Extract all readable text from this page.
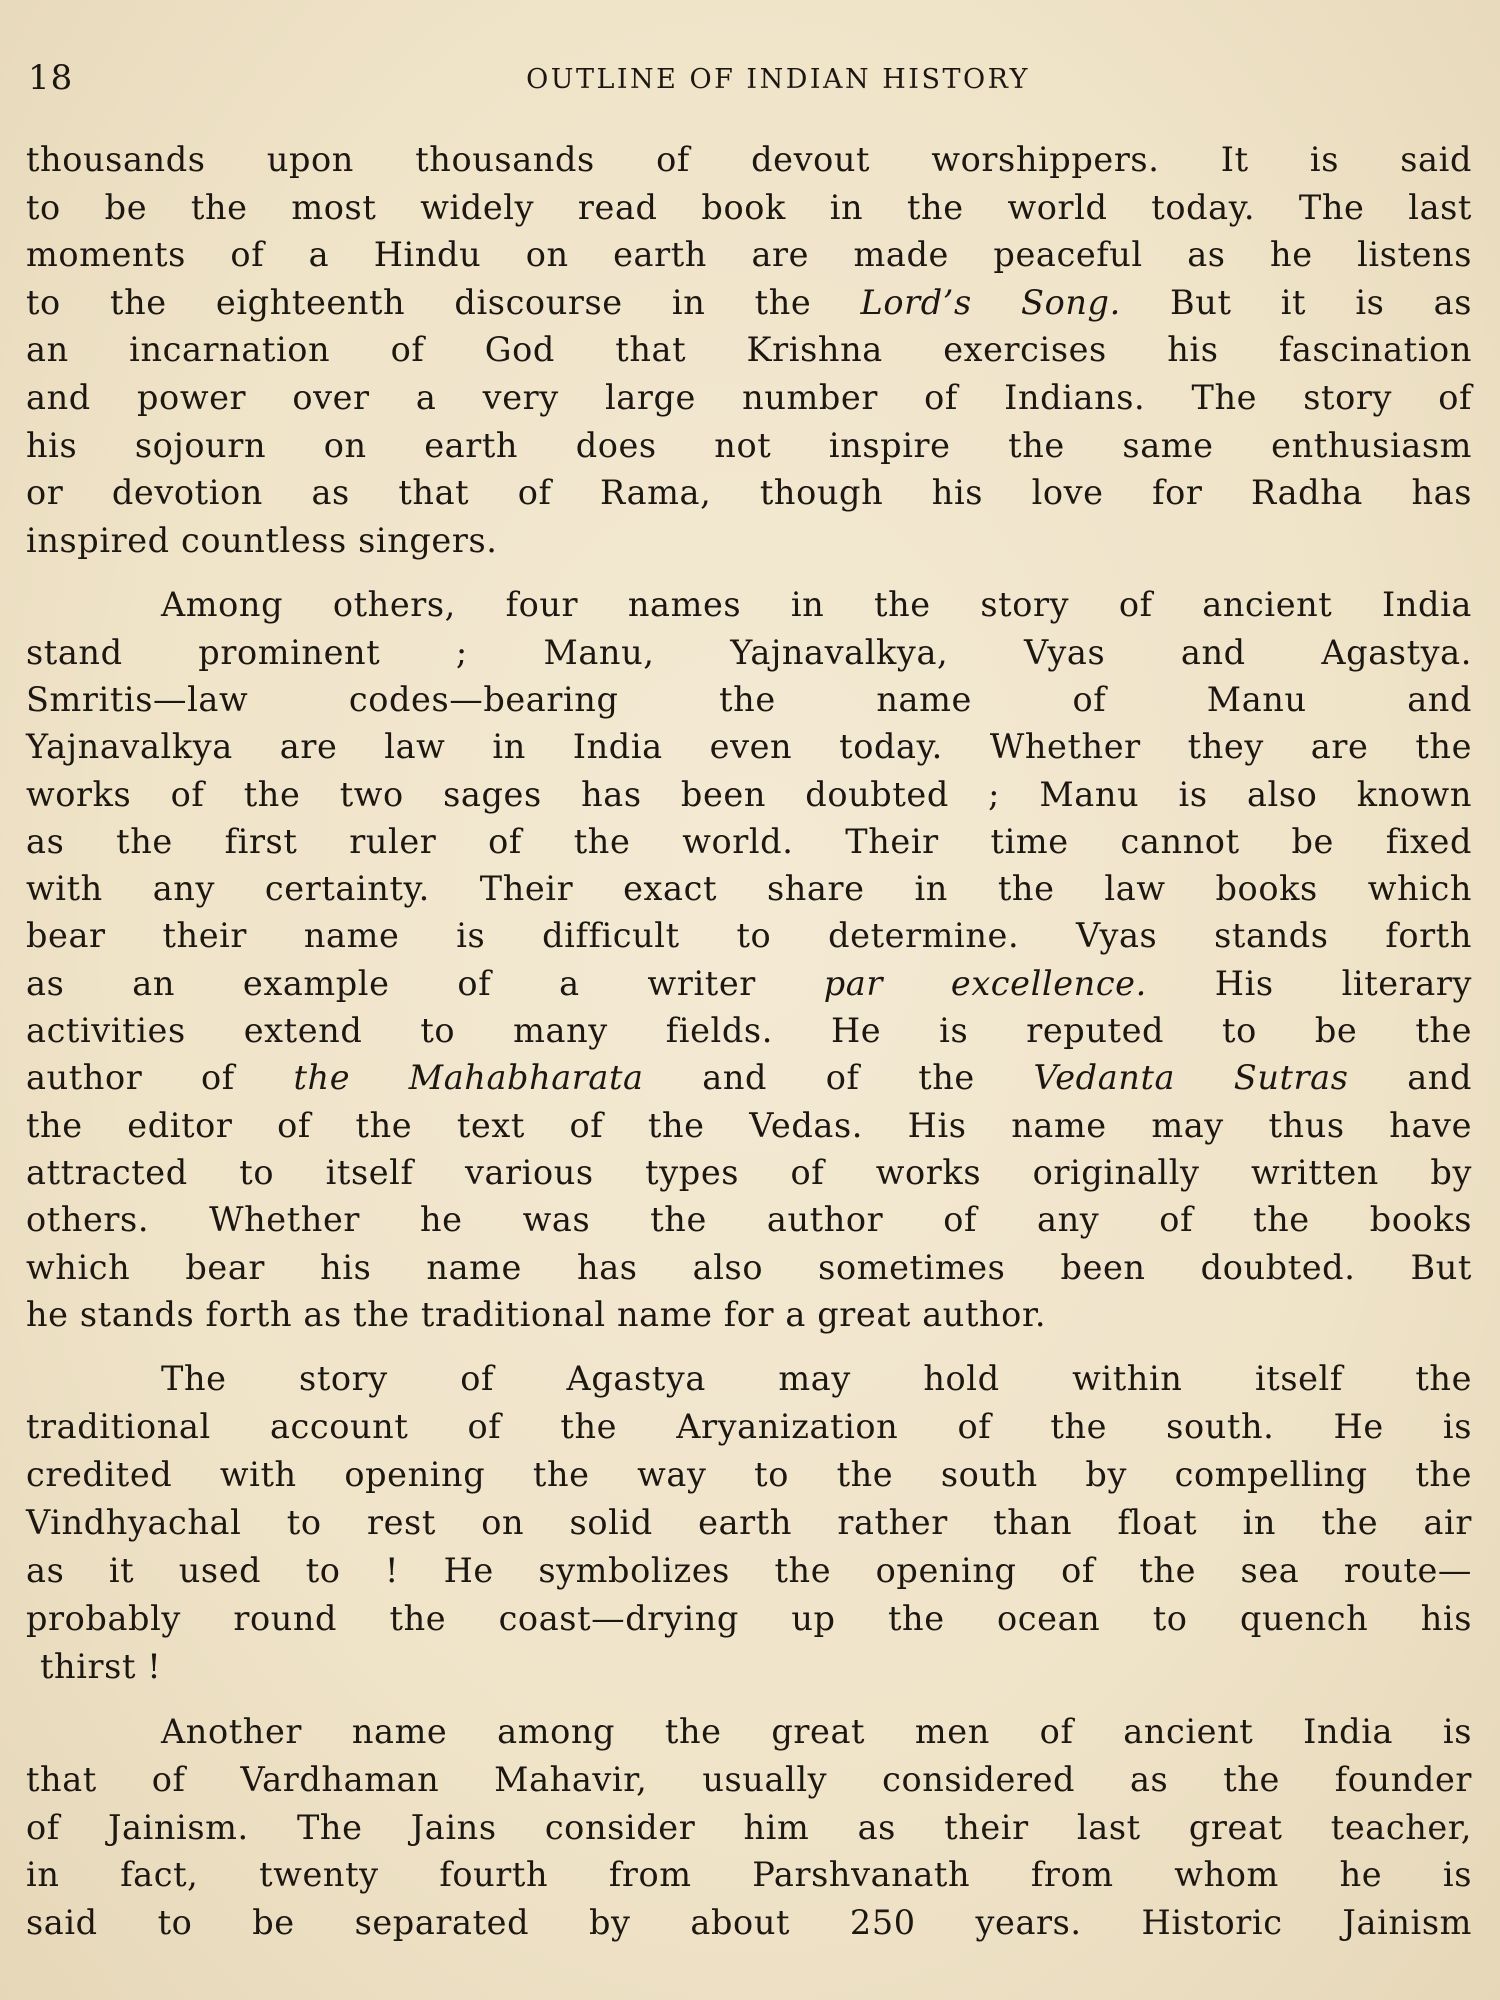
18	OUTLINE OF INDIAN HISTORY
thousands upon thousands of devout worshippers. It is said
to be the most widely read book in the world today. The last
moments of a Hindu on earth are made peaceful as he listens
to the eighteenth discourse in the Lord’s Song. But it is as
an incarnation of God that Krishna exercises his fascination
and power over a very large number of Indians. The story of
his sojourn on earth does not inspire the same enthusiasm
or devotion as that of Rama, though his love for Radha has
inspired countless singers.
Among others, four names in the story of ancient India
stand prominent ; Manu, Yajnavalkya, Vyas and Agastya.
Smritis—law codes—bearing the name of Manu and
Yajnavalkya are law in India even today. Whether they are the
works of the two sages has been doubted ; Manu is also known
as the first ruler of the world. Their time cannot be fixed
with any certainty. Their exact share in the law books which
bear their name is difficult to determine. Vyas stands forth
as an example of a writer par excellence. His literary
activities extend to many fields. He is reputed to be the
author of the Mahabharata and of the Vedanta Sutras and
the editor of the text of the Vedas. His name may thus have
attracted to itself various types of works originally written by
others. Whether he was the author of any of the books
which bear his name has also sometimes been doubted. But
he stands forth as the traditional name for a great author.
The story of Agastya may hold within itself the
traditional account of the Aryanization of the south. He is
credited with opening the way to the south by compelling the
Vindhyachal to rest on solid earth rather than float in the air
as it used to ! He symbolizes the opening of the sea route—
probably round the coast—drying up the ocean to quench his
thirst !
Another name among the great men of ancient India is
that of Vardhaman Mahavir, usually considered as the founder
of Jainism. The Jains consider him as their last great teacher,
in fact, twenty fourth from Parshvanath from whom he is
said to be separated by about 250 years. Historic Jainism
